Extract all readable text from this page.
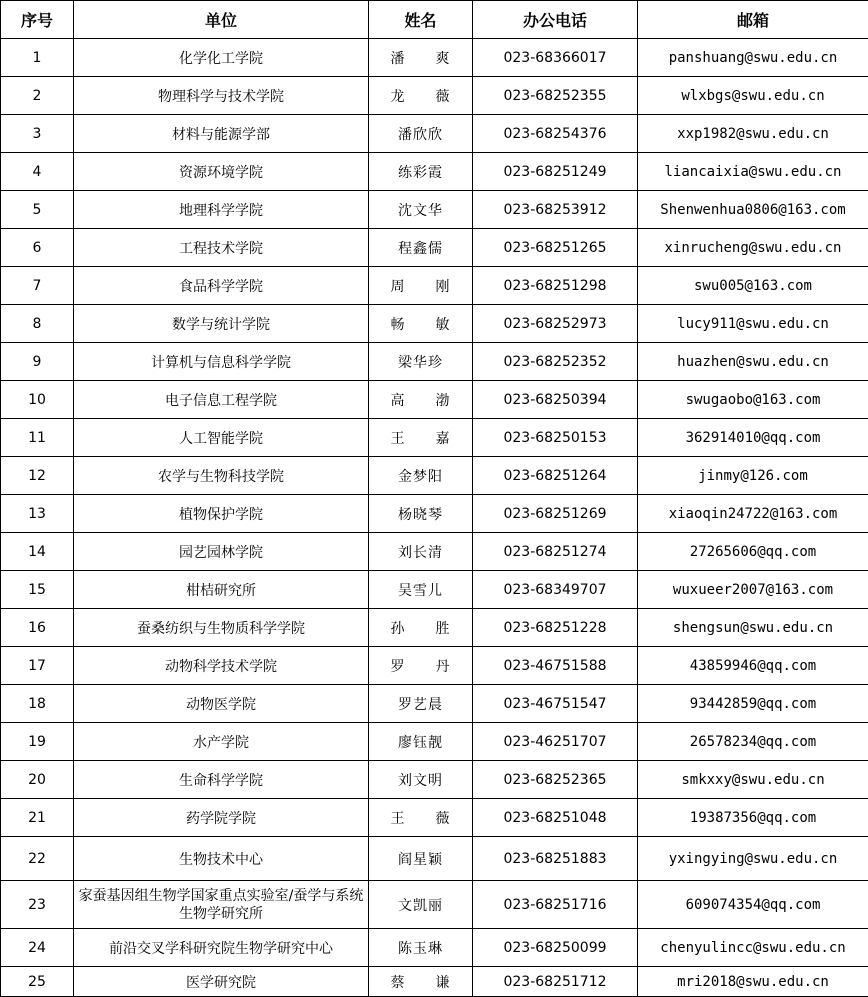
序号	单位	姓名	办公电话	邮箱
1	化学化工学院	潘　　爽	023-68366017	panshuang@swu.edu.cn
2	物理科学与技术学院	龙　　薇	023-68252355	wlxbgs@swu.edu.cn
3	材料与能源学部	潘欣欣	023-68254376	xxp1982@swu.edu.cn
4	资源环境学院	练彩霞	023-68251249	liancaixia@swu.edu.cn
5	地理科学学院	沈文华	023-68253912	Shenwenhua0806@163.com
6	工程技术学院	程鑫儒	023-68251265	xinrucheng@swu.edu.cn
7	食品科学学院	周　　刚	023-68251298	swu005@163.com
8	数学与统计学院	畅　　敏	023-68252973	lucy911@swu.edu.cn
9	计算机与信息科学学院	梁华珍	023-68252352	huazhen@swu.edu.cn
10	电子信息工程学院	高　　渤	023-68250394	swugaobo@163.com
11	人工智能学院	王　　嘉	023-68250153	362914010@qq.com
12	农学与生物科技学院	金梦阳	023-68251264	jinmy@126.com
13	植物保护学院	杨晓琴	023-68251269	xiaoqin24722@163.com
14	园艺园林学院	刘长清	023-68251274	27265606@qq.com
15	柑桔研究所	吴雪儿	023-68349707	wuxueer2007@163.com
16	蚕桑纺织与生物质科学学院	孙　　胜	023-68251228	shengsun@swu.edu.cn
17	动物科学技术学院	罗　　丹	023-46751588	43859946@qq.com
18	动物医学院	罗艺晨	023-46751547	93442859@qq.com
19	水产学院	廖钰靓	023-46251707	26578234@qq.com
20	生命科学学院	刘文明	023-68252365	smkxxy@swu.edu.cn
21	药学院学院	王　　薇	023-68251048	19387356@qq.com
22	生物技术中心	阎星颖	023-68251883	yxingying@swu.edu.cn
23	家蚕基因组生物学国家重点实验室/蚕学与系统生物学研究所	文凯丽	023-68251716	609074354@qq.com
24	前沿交叉学科研究院生物学研究中心	陈玉琳	023-68250099	chenyulincc@swu.edu.cn
25	医学研究院	蔡　　谦	023-68251712	mri2018@swu.edu.cn
